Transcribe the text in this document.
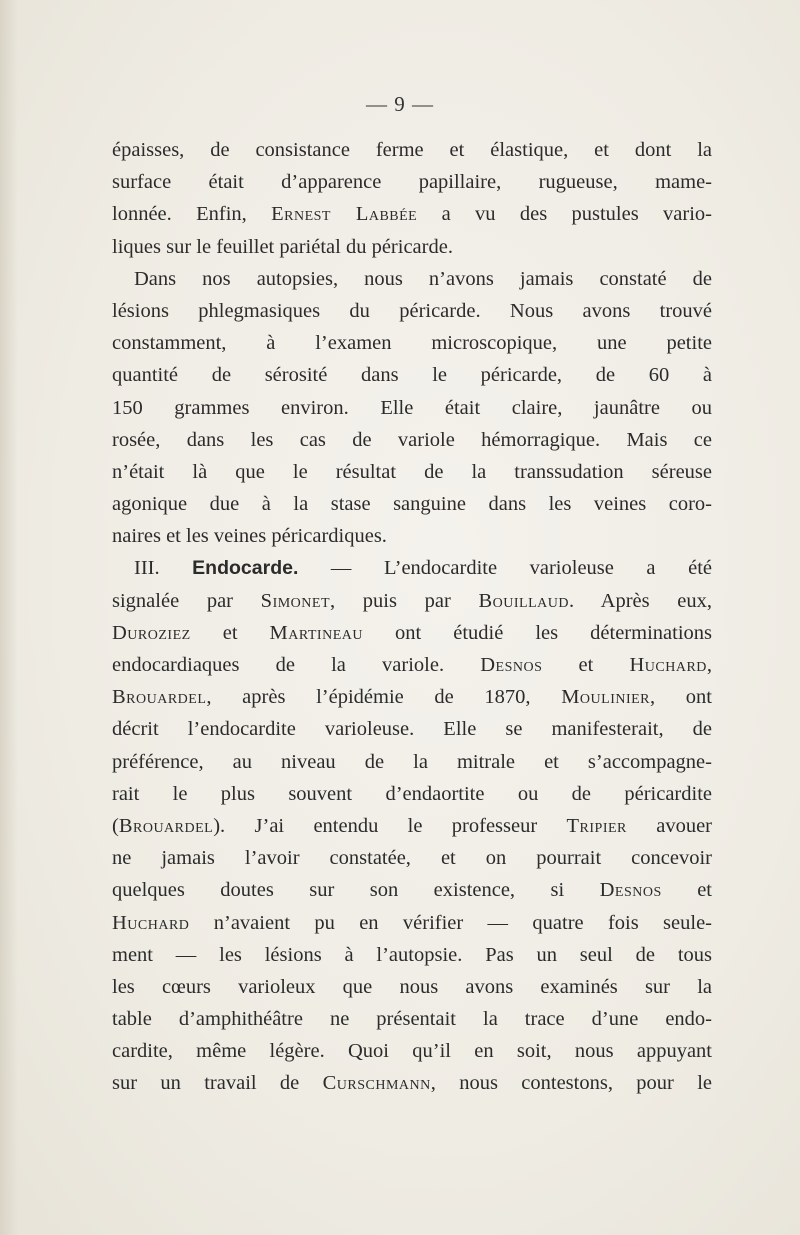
— 9 —
épaisses, de consistance ferme et élastique, et dont la
surface était d’apparence papillaire, rugueuse, mame-
lonnée. Enfin, Ernest Labbée a vu des pustules vario-
liques sur le feuillet pariétal du péricarde.
Dans nos autopsies, nous n’avons jamais constaté de
lésions phlegmasiques du péricarde. Nous avons trouvé
constamment, à l’examen microscopique, une petite
quantité de sérosité dans le péricarde, de 60 à
150 grammes environ. Elle était claire, jaunâtre ou
rosée, dans les cas de variole hémorragique. Mais ce
n’était là que le résultat de la transsudation séreuse
agonique due à la stase sanguine dans les veines coro-
naires et les veines péricardiques.
III. Endocarde. — L’endocardite varioleuse a été
signalée par Simonet, puis par Bouillaud. Après eux,
Duroziez et Martineau ont étudié les déterminations
endocardiaques de la variole. Desnos et Huchard,
Brouardel, après l’épidémie de 1870, Moulinier, ont
décrit l’endocardite varioleuse. Elle se manifesterait, de
préférence, au niveau de la mitrale et s’accompagne-
rait le plus souvent d’endaortite ou de péricardite
(Brouardel). J’ai entendu le professeur Tripier avouer
ne jamais l’avoir constatée, et on pourrait concevoir
quelques doutes sur son existence, si Desnos et
Huchard n’avaient pu en vérifier — quatre fois seule-
ment — les lésions à l’autopsie. Pas un seul de tous
les cœurs varioleux que nous avons examinés sur la
table d’amphithéâtre ne présentait la trace d’une endo-
cardite, même légère. Quoi qu’il en soit, nous appuyant
sur un travail de Curschmann, nous contestons, pour le
